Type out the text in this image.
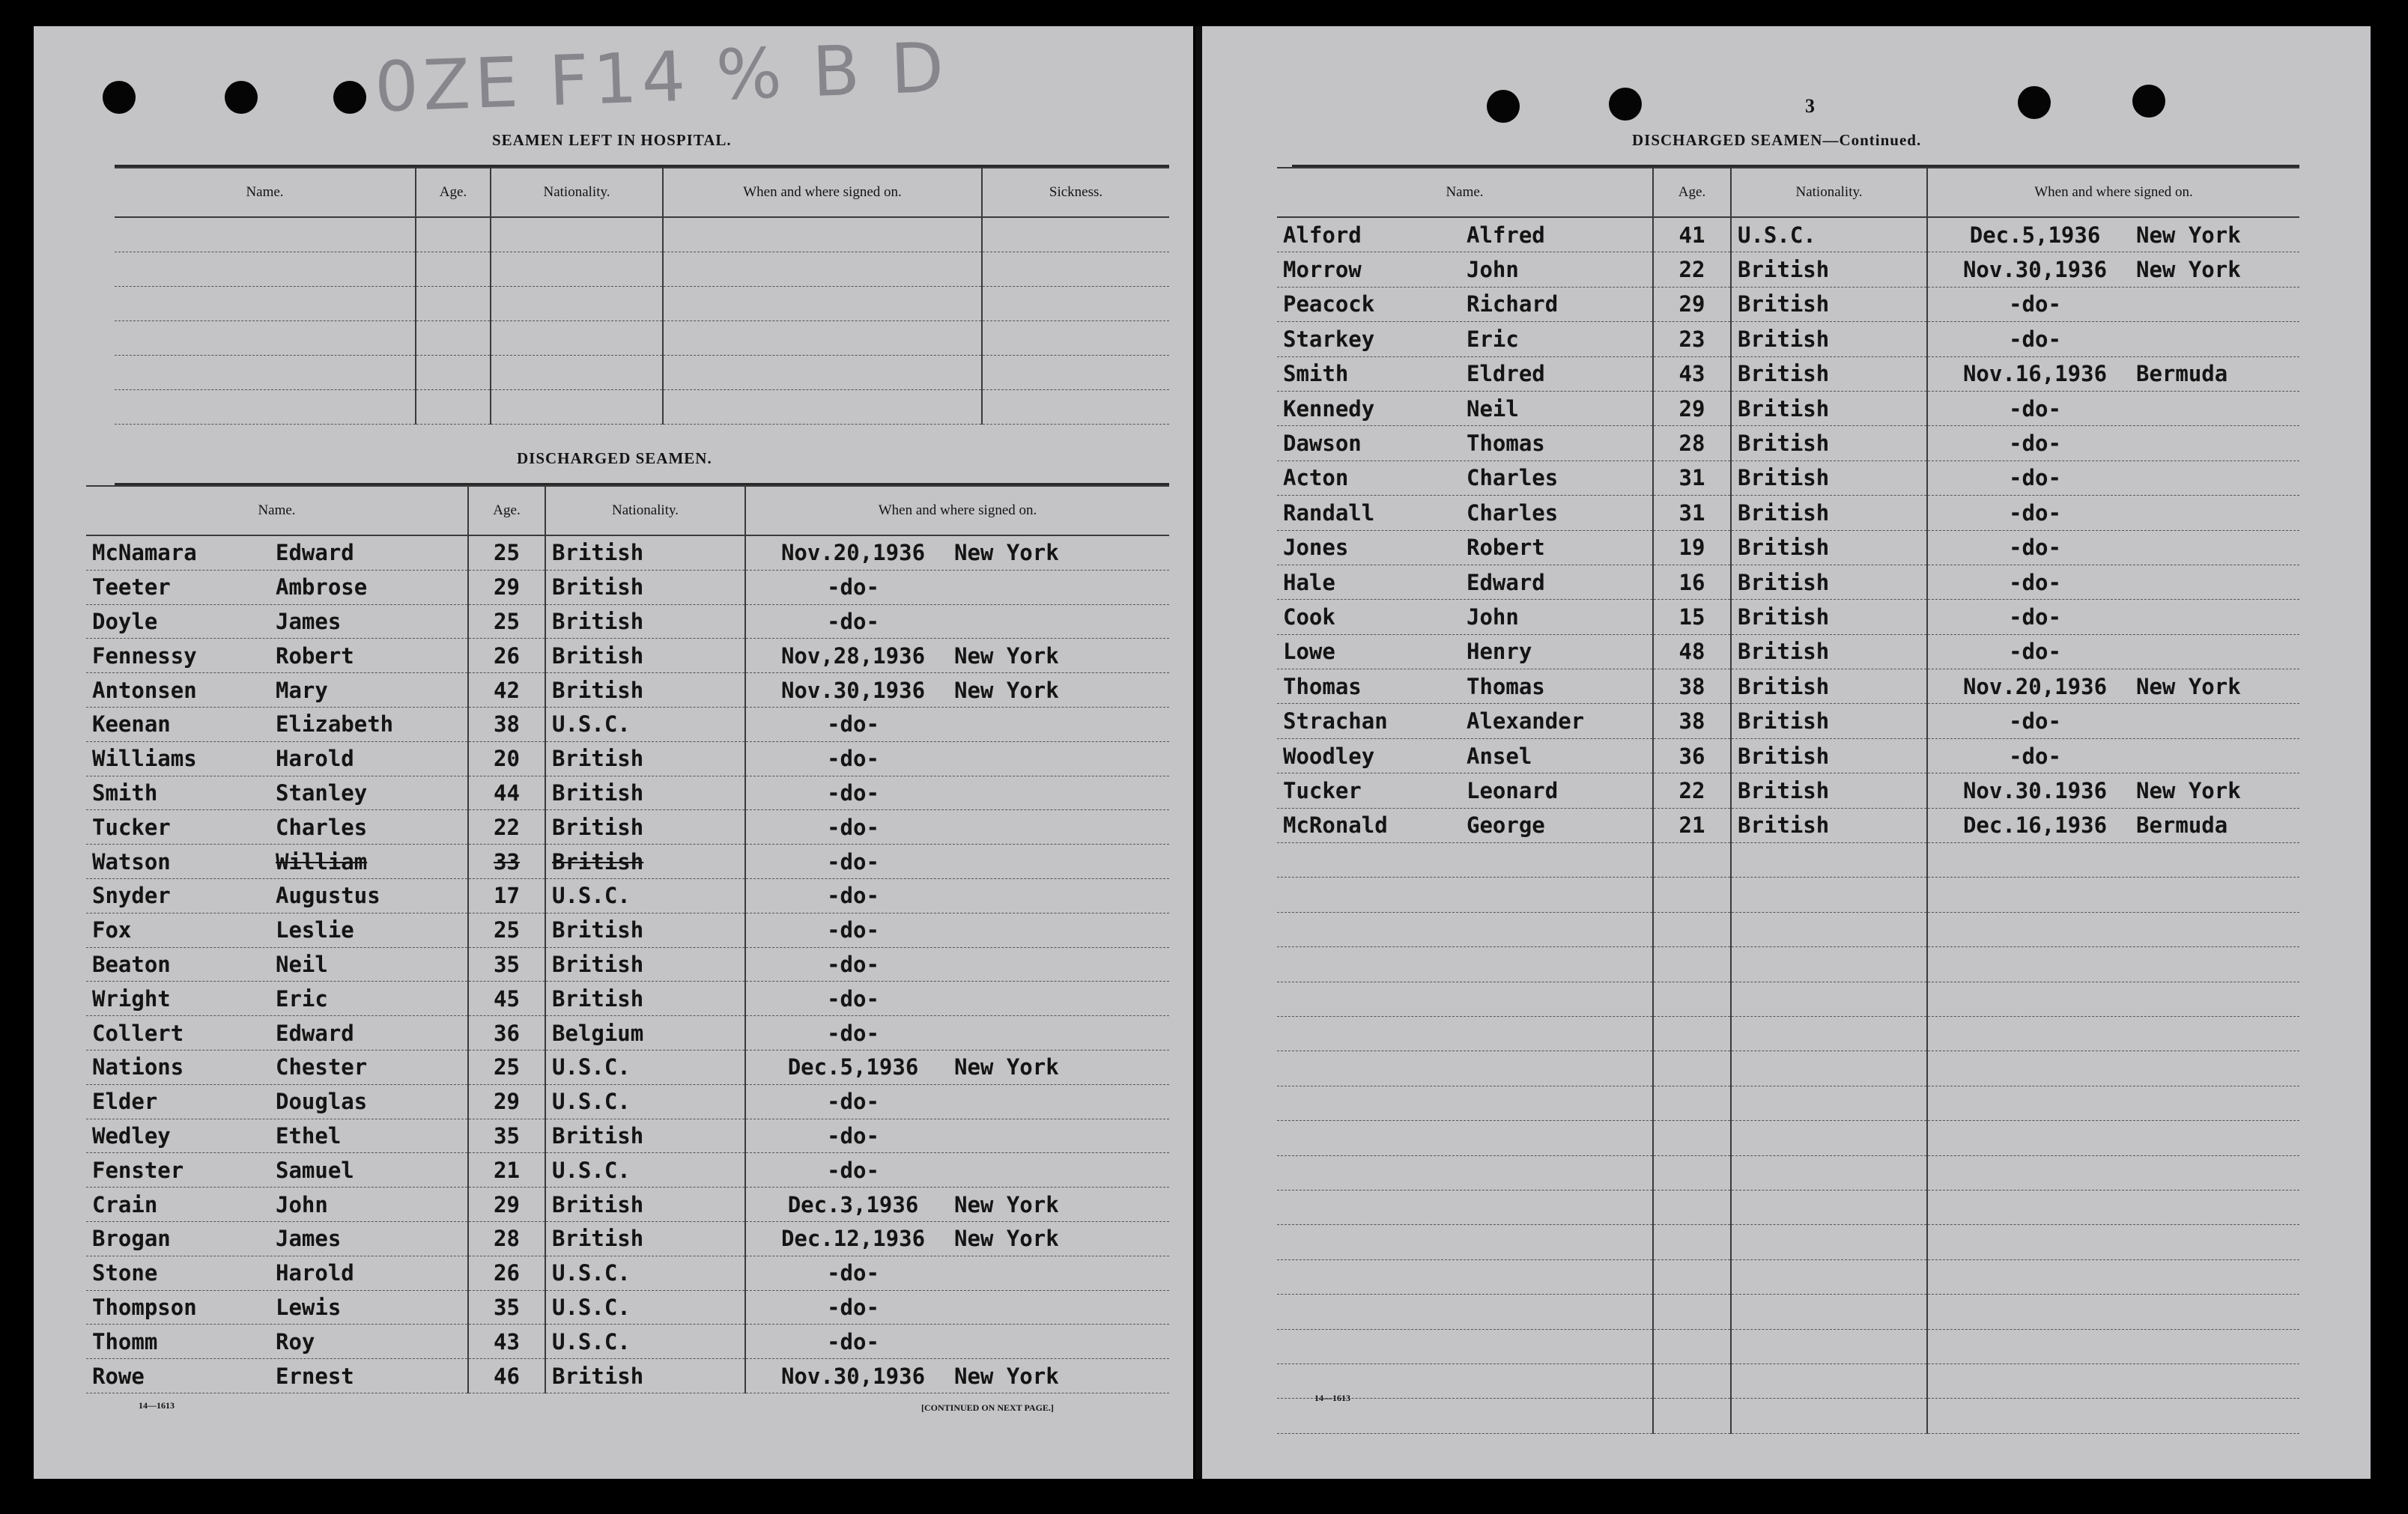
0ZE F14 % B D
SEAMEN LEFT IN HOSPITAL.
Name.	Age.	Nationality.	When and where signed on.	Sickness.

DISCHARGED SEAMEN.
Name.	Age.	Nationality.	When and where signed on.
McNamara Edward	25	British	Nov.20,1936 New York
Teeter Ambrose	29	British	-do-
Doyle James	25	British	-do-
Fennessy Robert	26	British	Nov,28,1936 New York
Antonsen Mary	42	British	Nov.30,1936 New York
Keenan Elizabeth	38	U.S.C.	-do-
Williams Harold	20	British	-do-
Smith Stanley	44	British	-do-
Tucker Charles	22	British	-do-
Watson William	33	British	-do-
Snyder Augustus	17	U.S.C.	-do-
Fox Leslie	25	British	-do-
Beaton Neil	35	British	-do-
Wright Eric	45	British	-do-
Collert Edward	36	Belgium	-do-
Nations Chester	25	U.S.C.	Dec.5,1936 New York
Elder Douglas	29	U.S.C.	-do-
Wedley Ethel	35	British	-do-
Fenster Samuel	21	U.S.C.	-do-
Crain John	29	British	Dec.3,1936 New York
Brogan James	28	British	Dec.12,1936 New York
Stone Harold	26	U.S.C.	-do-
Thompson Lewis	35	U.S.C.	-do-
Thomm Roy	43	U.S.C.	-do-
Rowe Ernest	46	British	Nov.30,1936 New York
14—1613	[CONTINUED ON NEXT PAGE.]
3
DISCHARGED SEAMEN—Continued.
Name.	Age.	Nationality.	When and where signed on.
Alford Alfred	41	U.S.C.	Dec.5,1936 New York
Morrow John	22	British	Nov.30,1936 New York
Peacock Richard	29	British	-do-
Starkey Eric	23	British	-do-
Smith Eldred	43	British	Nov.16,1936 Bermuda
Kennedy Neil	29	British	-do-
Dawson Thomas	28	British	-do-
Acton Charles	31	British	-do-
Randall Charles	31	British	-do-
Jones Robert	19	British	-do-
Hale Edward	16	British	-do-
Cook John	15	British	-do-
Lowe Henry	48	British	-do-
Thomas Thomas	38	British	Nov.20,1936 New York
Strachan Alexander	38	British	-do-
Woodley Ansel	36	British	-do-
Tucker Leonard	22	British	Nov.30.1936 New York
McRonald George	21	British	Dec.16,1936 Bermuda

14—1613
